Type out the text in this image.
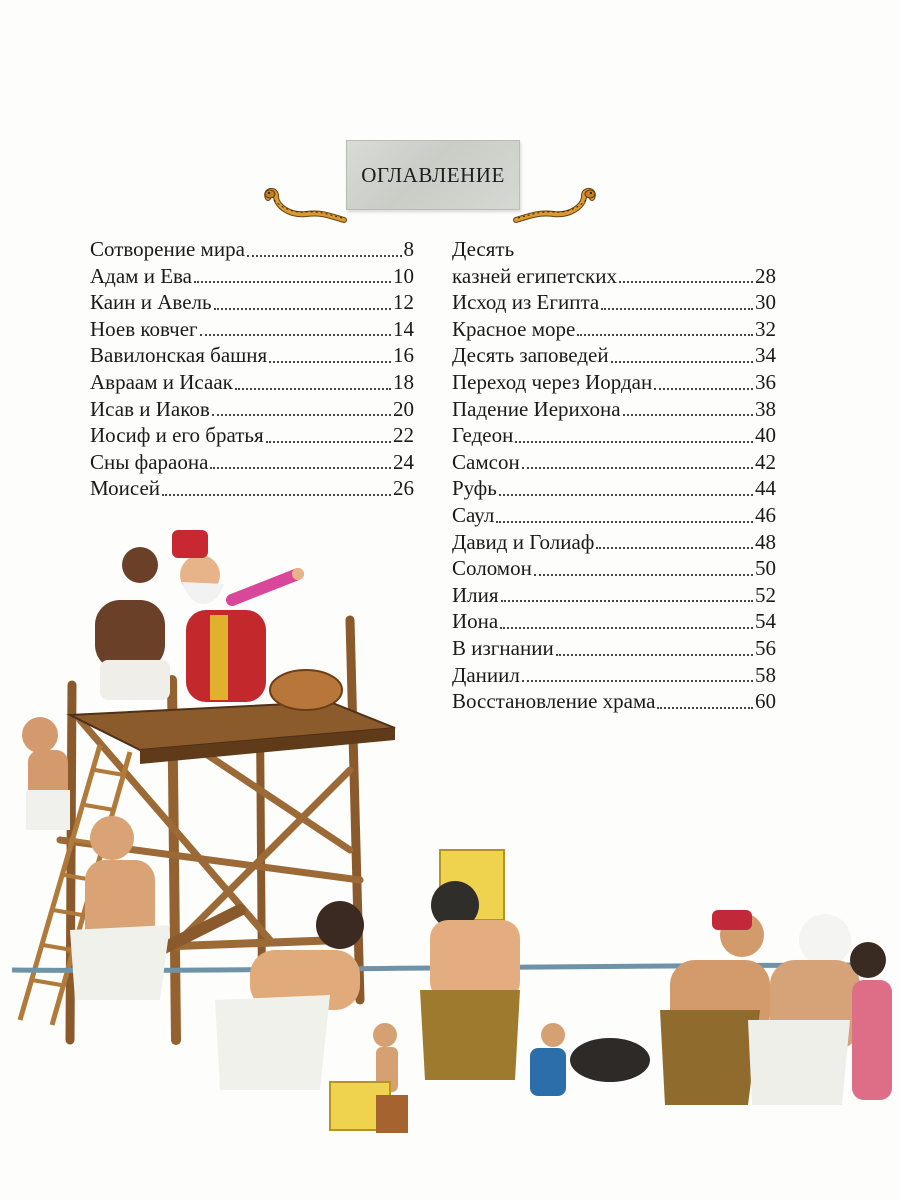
ОГЛАВЛЕНИЕ
Сотворение мира	8
Адам и Ева	10
Каин и Авель	12
Ноев ковчег	14
Вавилонская башня	16
Авраам и Исаак	18
Исав и Иаков	20
Иосиф и его братья	22
Сны фараона	24
Моисей	26
Десять
казней египетских	28
Исход из Египта	30
Красное море	32
Десять заповедей	34
Переход через Иордан	36
Падение Иерихона	38
Гедеон	40
Самсон	42
Руфь	44
Саул	46
Давид и Голиаф	48
Соломон	50
Илия	52
Иона	54
В изгнании	56
Даниил	58
Восстановление храма	60
